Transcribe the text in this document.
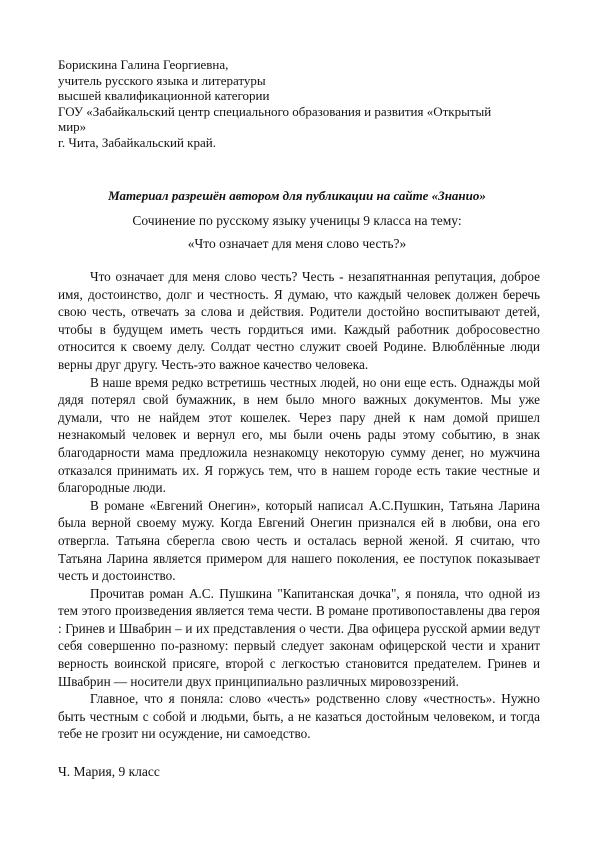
Борискина Галина Георгиевна,
учитель русского языка и литературы
высшей квалификационной категории
ГОУ «Забайкальский центр специального образования и развития «Открытый
мир»
г. Чита, Забайкальский край.
Материал разрешён автором для публикации на сайте «Знанио»
Сочинение по русскому языку ученицы 9 класса на тему:
«Что означает для меня слово честь?»

Что означает для меня слово честь? Честь - незапятнанная репутация, доброе имя, достоинство, долг и честность. Я думаю, что каждый человек должен беречь свою честь, отвечать за слова и действия. Родители достойно воспитывают детей, чтобы в будущем иметь честь гордиться ими. Каждый работник добросовестно относится к своему делу. Солдат честно служит своей Родине. Влюблённые люди верны друг другу. Честь-это важное качество человека.

В наше время редко встретишь честных людей, но они еще есть. Однажды мой дядя потерял свой бумажник, в нем было много важных документов. Мы уже думали, что не найдем этот кошелек. Через пару дней к нам домой пришел незнакомый человек и вернул его, мы были очень рады этому событию, в знак благодарности мама предложила незнакомцу некоторую сумму денег, но мужчина отказался принимать их. Я горжусь тем, что в нашем городе есть такие честные и благородные люди.

В романе «Евгений Онегин», который написал А.С.Пушкин, Татьяна Ларина была верной своему мужу. Когда Евгений Онегин признался ей в любви, она его отвергла. Татьяна сберегла свою честь и осталась верной женой. Я считаю, что Татьяна Ларина является примером для нашего поколения, ее поступок показывает честь и достоинство.

Прочитав роман А.С. Пушкина "Капитанская дочка", я поняла, что одной из тем этого произведения является тема чести. В романе противопоставлены два героя : Гринев и Швабрин – и их представления о чести. Два офицера русской армии ведут себя совершенно по-разному: первый следует законам офицерской чести и хранит верность воинской присяге, второй с легкостью становится предателем. Гринев и Швабрин — носители двух принципиально различных мировоззрений.

Главное, что я поняла: слово «честь» родственно слову «честность». Нужно быть честным с собой и людьми, быть, а не казаться достойным человеком, и тогда тебе не грозит ни осуждение, ни самоедство.

Ч. Мария, 9 класс
